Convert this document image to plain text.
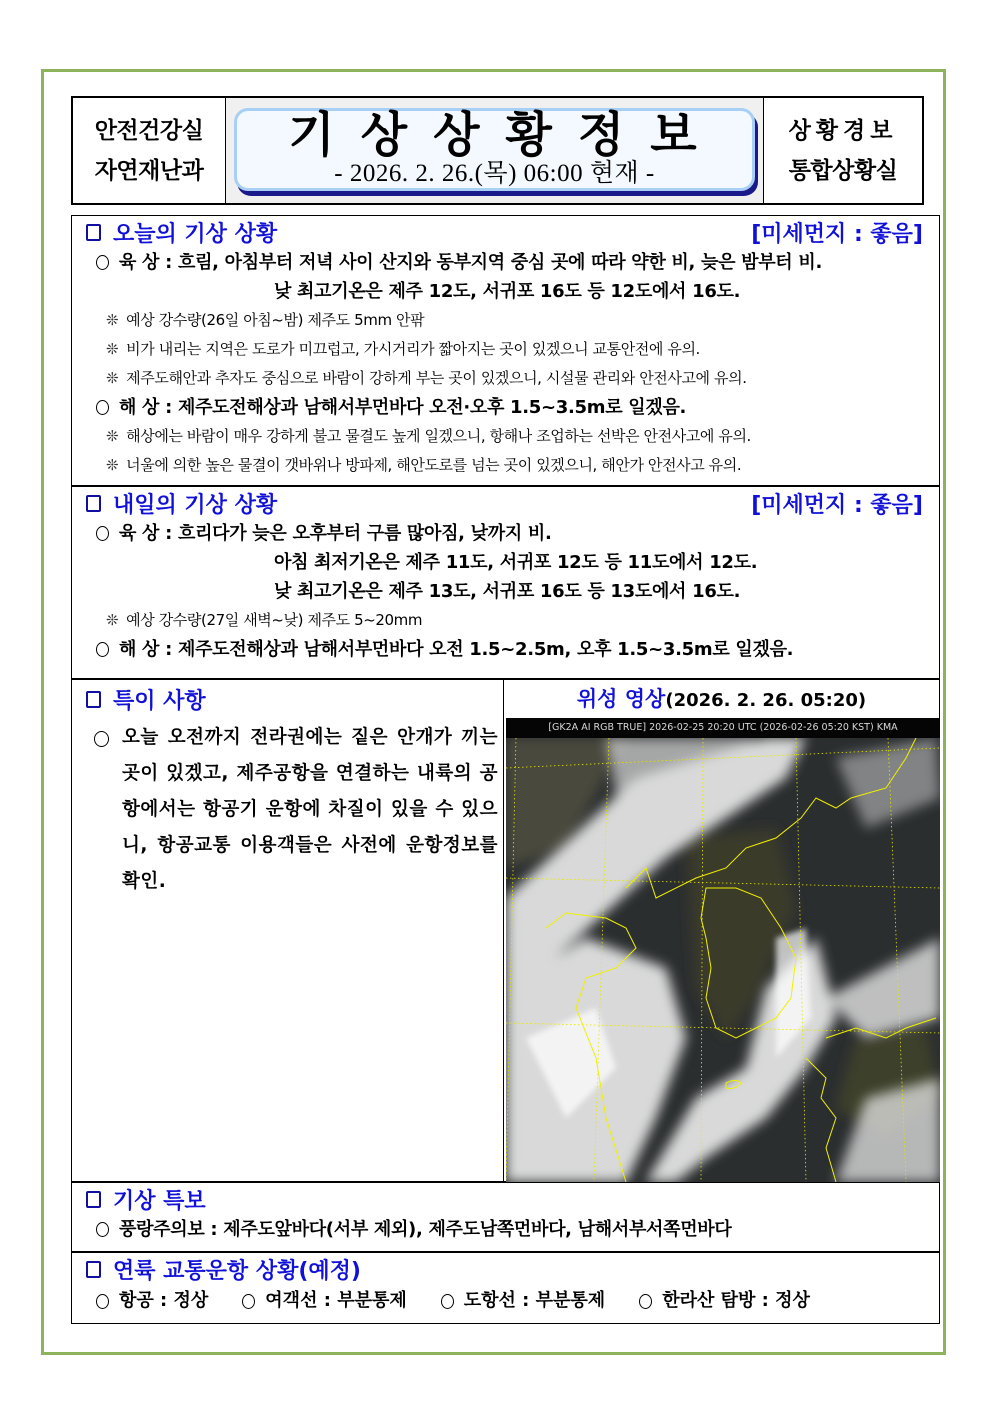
안전건강실
자연재난과
기상상황정보
- 2026. 2. 26.(목) 06:00 현재 -
상황경보
통합상황실
오늘의 기상 상황	[미세먼지 : 좋음]
육 상 : 흐림, 아침부터 저녁 사이 산지와 동부지역 중심 곳에 따라 약한 비, 늦은 밤부터 비.
낮 최고기온은 제주 12도, 서귀포 16도 등 12도에서 16도.
❊ 예상 강수량(26일 아침~밤) 제주도 5mm 안팎
❊ 비가 내리는 지역은 도로가 미끄럽고, 가시거리가 짧아지는 곳이 있겠으니 교통안전에 유의.
❊ 제주도해안과 추자도 중심으로 바람이 강하게 부는 곳이 있겠으니, 시설물 관리와 안전사고에 유의.
해 상 : 제주도전해상과 남해서부먼바다 오전·오후 1.5~3.5m로 일겠음.
❊ 해상에는 바람이 매우 강하게 불고 물결도 높게 일겠으니, 항해나 조업하는 선박은 안전사고에 유의.
❊ 너울에 의한 높은 물결이 갯바위나 방파제, 해안도로를 넘는 곳이 있겠으니, 해안가 안전사고 유의.
내일의 기상 상황	[미세먼지 : 좋음]
육 상 : 흐리다가 늦은 오후부터 구름 많아짐, 낮까지 비.
아침 최저기온은 제주 11도, 서귀포 12도 등 11도에서 12도.
낮 최고기온은 제주 13도, 서귀포 16도 등 13도에서 16도.
❊ 예상 강수량(27일 새벽~낮) 제주도 5~20mm
해 상 : 제주도전해상과 남해서부먼바다 오전 1.5~2.5m, 오후 1.5~3.5m로 일겠음.
특이 사항
오늘 오전까지 전라권에는 짙은 안개가 끼는 곳이 있겠고, 제주공항을 연결하는 내륙의 공항에서는 항공기 운항에 차질이 있을 수 있으니, 항공교통 이용객들은 사전에 운항정보를 확인.
위성 영상(2026. 2. 26. 05:20)
[GK2A AI RGB TRUE] 2026-02-25 20:20 UTC (2026-02-26 05:20 KST) KMA
기상 특보
풍랑주의보 : 제주도앞바다(서부 제외), 제주도남쪽먼바다, 남해서부서쪽먼바다
연륙 교통운항 상황(예정)
항공 : 정상	여객선 : 부분통제	도항선 : 부분통제	한라산 탐방 : 정상
